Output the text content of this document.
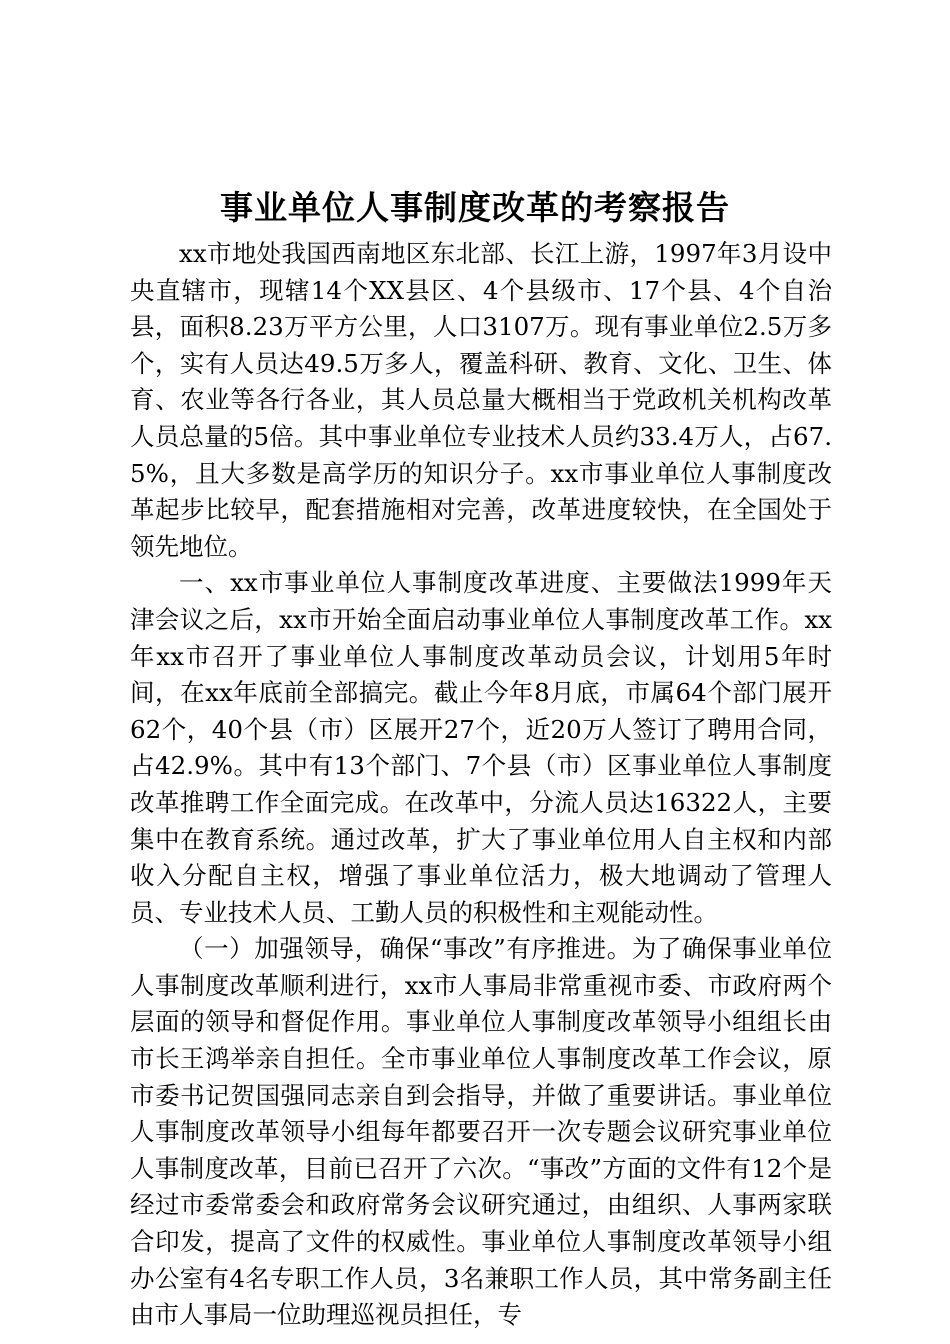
事业单位人事制度改革的考察报告

xx市地处我国西南地区东北部、长江上游，1997年3月设中央直辖市，现辖14个XX县区、4个县级市、17个县、4个自治县，面积8.23万平方公里，人口3107万。现有事业单位2.5万多个，实有人员达49.5万多人，覆盖科研、教育、文化、卫生、体育、农业等各行各业，其人员总量大概相当于党政机关机构改革人员总量的5倍。其中事业单位专业技术人员约33.4万人，占67.5%，且大多数是高学历的知识分子。xx市事业单位人事制度改革起步比较早，配套措施相对完善，改革进度较快，在全国处于领先地位。

一、xx市事业单位人事制度改革进度、主要做法1999年天津会议之后，xx市开始全面启动事业单位人事制度改革工作。xx年xx市召开了事业单位人事制度改革动员会议，计划用5年时间，在xx年底前全部搞完。截止今年8月底，市属64个部门展开62个，40个县（市）区展开27个，近20万人签订了聘用合同，占42.9%。其中有13个部门、7个县（市）区事业单位人事制度改革推聘工作全面完成。在改革中，分流人员达16322人，主要集中在教育系统。通过改革，扩大了事业单位用人自主权和内部收入分配自主权，增强了事业单位活力，极大地调动了管理人员、专业技术人员、工勤人员的积极性和主观能动性。

（一）加强领导，确保“事改”有序推进。为了确保事业单位人事制度改革顺利进行，xx市人事局非常重视市委、市政府两个层面的领导和督促作用。事业单位人事制度改革领导小组组长由市长王鸿举亲自担任。全市事业单位人事制度改革工作会议，原市委书记贺国强同志亲自到会指导，并做了重要讲话。事业单位人事制度改革领导小组每年都要召开一次专题会议研究事业单位人事制度改革，目前已召开了六次。“事改”方面的文件有12个是经过市委常委会和政府常务会议研究通过，由组织、人事两家联合印发，提高了文件的权威性。事业单位人事制度改革领导小组办公室有4名专职工作人员，3名兼职工作人员，其中常务副主任由市人事局一位助理巡视员担任，专
